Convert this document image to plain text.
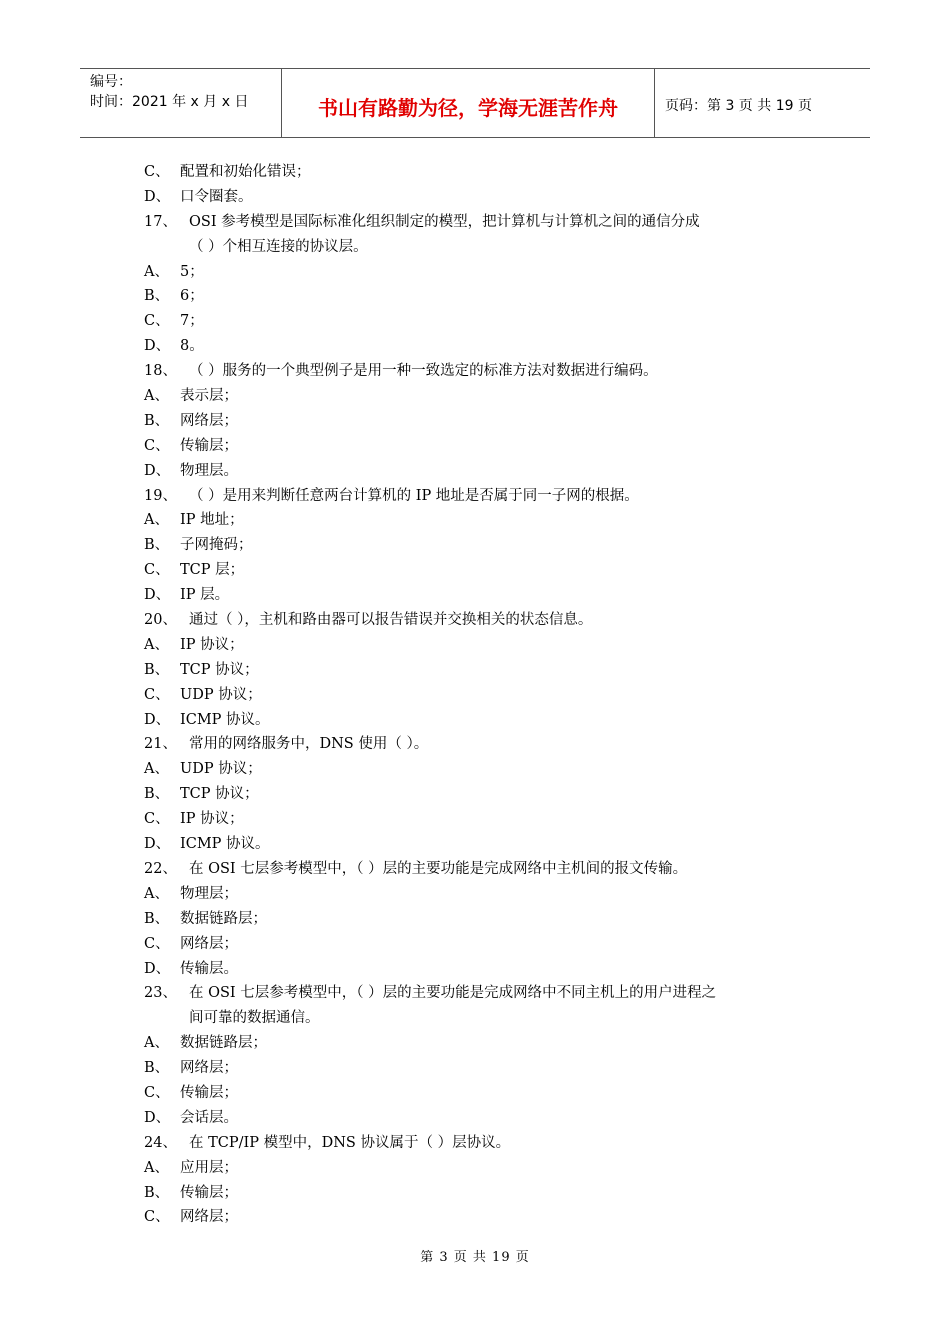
编号：
时间：2021 年 x 月 x 日	书山有路勤为径，学海无涯苦作舟	页码：第 3 页 共 19 页
C、 配置和初始化错误；
D、 口令圈套。
17、 OSI 参考模型是国际标准化组织制定的模型，把计算机与计算机之间的通信分成
（ ）个相互连接的协议层。
A、 5；
B、 6；
C、 7；
D、 8。
18、 （ ）服务的一个典型例子是用一种一致选定的标准方法对数据进行编码。
A、 表示层；
B、 网络层；
C、 传输层；
D、 物理层。
19、 （ ）是用来判断任意两台计算机的 IP 地址是否属于同一子网的根据。
A、 IP 地址；
B、 子网掩码；
C、 TCP 层；
D、 IP 层。
20、 通过（ ），主机和路由器可以报告错误并交换相关的状态信息。
A、 IP 协议；
B、 TCP 协议；
C、 UDP 协议；
D、 ICMP 协议。
21、 常用的网络服务中，DNS 使用（ ）。
A、 UDP 协议；
B、 TCP 协议；
C、 IP 协议；
D、 ICMP 协议。
22、 在 OSI 七层参考模型中，（ ）层的主要功能是完成网络中主机间的报文传输。
A、 物理层；
B、 数据链路层；
C、 网络层；
D、 传输层。
23、 在 OSI 七层参考模型中，（ ）层的主要功能是完成网络中不同主机上的用户进程之
间可靠的数据通信。
A、 数据链路层；
B、 网络层；
C、 传输层；
D、 会话层。
24、 在 TCP/IP 模型中，DNS 协议属于（ ）层协议。
A、 应用层；
B、 传输层；
C、 网络层；
第 3 页 共 19 页
